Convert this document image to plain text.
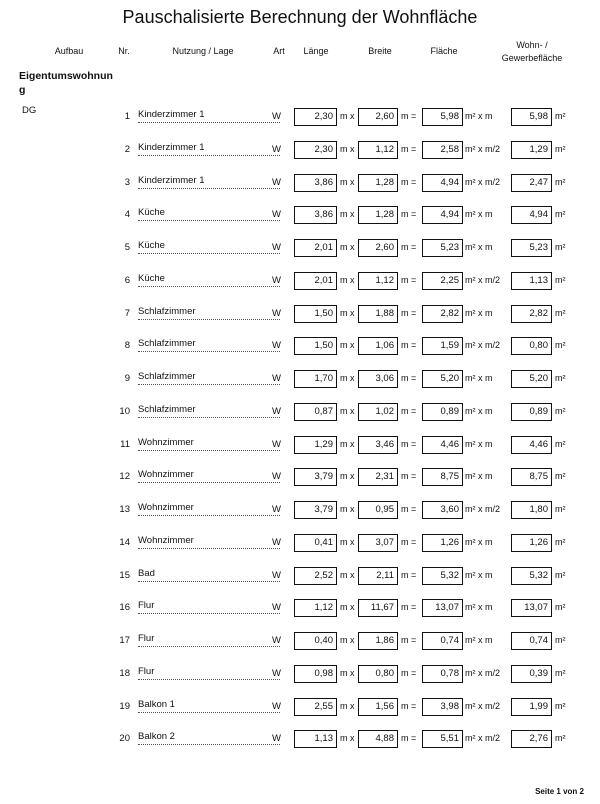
Pauschalisierte Berechnung der Wohnfläche
Aufbau	Nr.	Nutzung / Lage	Art	Länge	Breite	Fläche
Wohn- /
Gewerbefläche
Eigentumswohnun
g
DG
1 Kinderzimmer 1	W	2,30 m x	2,60 m =	5,98 m² x m	5,98 m²
2 Kinderzimmer 1	W	2,30 m x	1,12 m =	2,58 m² x m/2	1,29 m²
3 Kinderzimmer 1	W	3,86 m x	1,28 m =	4,94 m² x m/2	2,47 m²
4 Küche	W	3,86 m x	1,28 m =	4,94 m² x m	4,94 m²
5 Küche	W	2,01 m x	2,60 m =	5,23 m² x m	5,23 m²
6 Küche	W	2,01 m x	1,12 m =	2,25 m² x m/2	1,13 m²
7 Schlafzimmer	W	1,50 m x	1,88 m =	2,82 m² x m	2,82 m²
8 Schlafzimmer	W	1,50 m x	1,06 m =	1,59 m² x m/2	0,80 m²
9 Schlafzimmer	W	1,70 m x	3,06 m =	5,20 m² x m	5,20 m²
10 Schlafzimmer	W	0,87 m x	1,02 m =	0,89 m² x m	0,89 m²
11 Wohnzimmer	W	1,29 m x	3,46 m =	4,46 m² x m	4,46 m²
12 Wohnzimmer	W	3,79 m x	2,31 m =	8,75 m² x m	8,75 m²
13 Wohnzimmer	W	3,79 m x	0,95 m =	3,60 m² x m/2	1,80 m²
14 Wohnzimmer	W	0,41 m x	3,07 m =	1,26 m² x m	1,26 m²
15 Bad	W	2,52 m x	2,11 m =	5,32 m² x m	5,32 m²
16 Flur	W	1,12 m x	11,67 m =	13,07 m² x m	13,07 m²
17 Flur	W	0,40 m x	1,86 m =	0,74 m² x m	0,74 m²
18 Flur	W	0,98 m x	0,80 m =	0,78 m² x m/2	0,39 m²
19 Balkon 1	W	2,55 m x	1,56 m =	3,98 m² x m/2	1,99 m²
20 Balkon 2	W	1,13 m x	4,88 m =	5,51 m² x m/2	2,76 m²
Seite 1 von 2
